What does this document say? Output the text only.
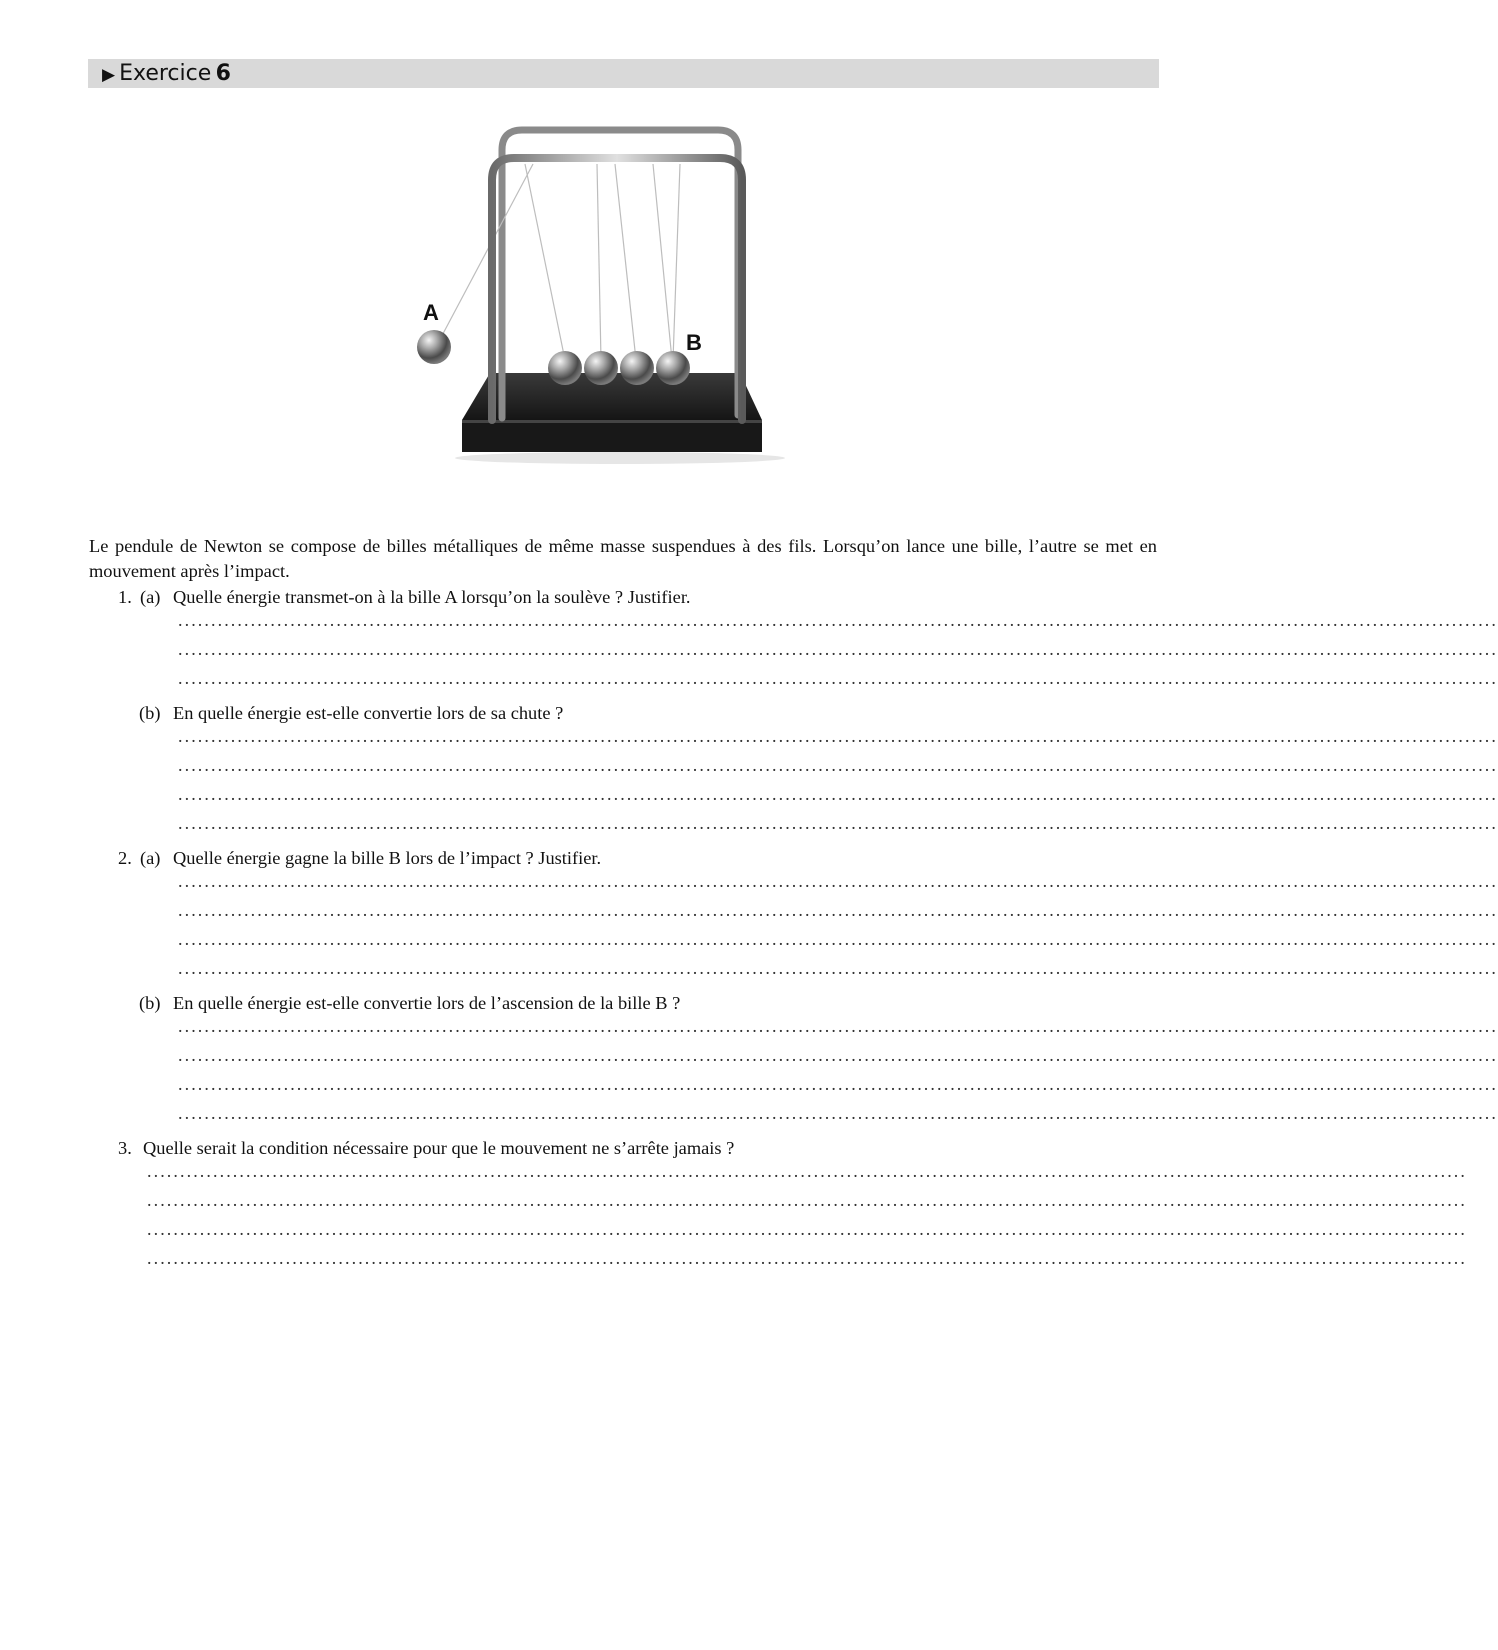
▶ Exercice  6
A
B

Le pendule de Newton se compose de billes métalliques de même masse suspendues à des fils. Lorsqu’on lance une bille, l’autre se met en mouvement après l’impact.

1. (a) Quelle énergie transmet-on à la bille A lorsqu’on la soulève ? Justifier.
........................................................................................................................................................................................................
........................................................................................................................................................................................................
........................................................................................................................................................................................................
(b) En quelle énergie est-elle convertie lors de sa chute ?
........................................................................................................................................................................................................
........................................................................................................................................................................................................
........................................................................................................................................................................................................
........................................................................................................................................................................................................
2. (a) Quelle énergie gagne la bille B lors de l’impact ? Justifier.
........................................................................................................................................................................................................
........................................................................................................................................................................................................
........................................................................................................................................................................................................
........................................................................................................................................................................................................
(b) En quelle énergie est-elle convertie lors de l’ascension de la bille B ?
........................................................................................................................................................................................................
........................................................................................................................................................................................................
........................................................................................................................................................................................................
........................................................................................................................................................................................................
3. Quelle serait la condition nécessaire pour que le mouvement ne s’arrête jamais ?
........................................................................................................................................................................................................
........................................................................................................................................................................................................
........................................................................................................................................................................................................
........................................................................................................................................................................................................
